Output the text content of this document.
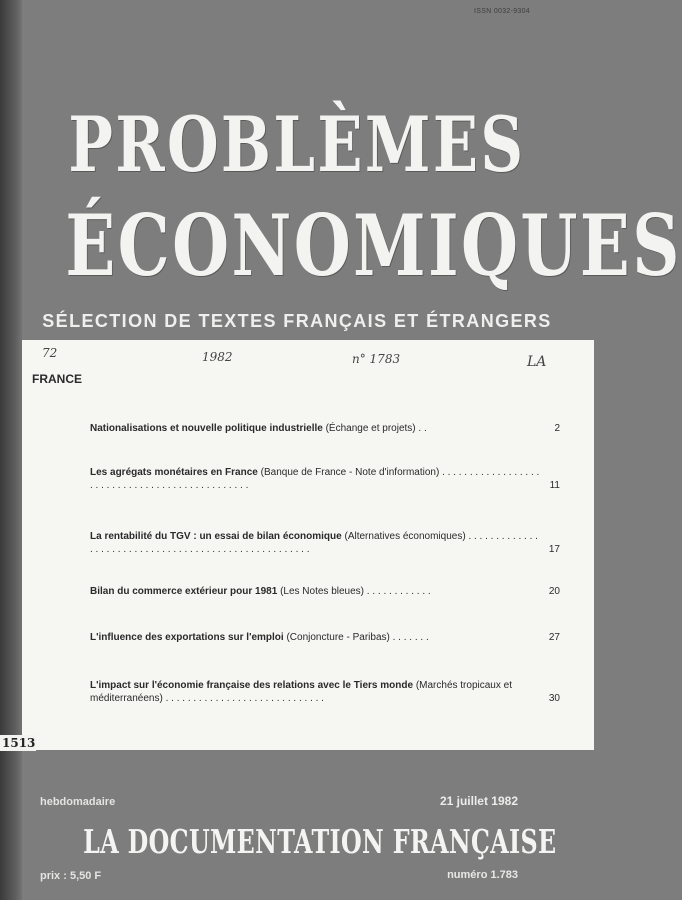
ISSN 0032-9304
PROBLÈMES
ÉCONOMIQUES
SÉLECTION DE TEXTES FRANÇAIS ET ÉTRANGERS
72	1982	n° 1783	LA
FRANCE
Nationalisations et nouvelle politique industrielle (Échange et projets) . .	2
Les agrégats monétaires en France (Banque de France - Note d'information) . . . . . . . . . . . . . . . . . . . . . . . . . . . . . . . . . . . . . . . . . . . . . . .	11
La rentabilité du TGV : un essai de bilan économique (Alternatives économiques) . . . . . . . . . . . . . . . . . . . . . . . . . . . . . . . . . . . . . . . . . . . . . . . . . . . . .	17
Bilan du commerce extérieur pour 1981 (Les Notes bleues) . . . . . . . . . . . .	20
L'influence des exportations sur l'emploi (Conjoncture - Paribas) . . . . . . .	27
L'impact sur l'économie française des relations avec le Tiers monde (Marchés tropicaux et méditerranéens) . . . . . . . . . . . . . . . . . . . . . . . . . . . . .	30
1513
hebdomadaire	21 juillet 1982
LA DOCUMENTATION FRANÇAISE
prix : 5,50 F	numéro 1.783
